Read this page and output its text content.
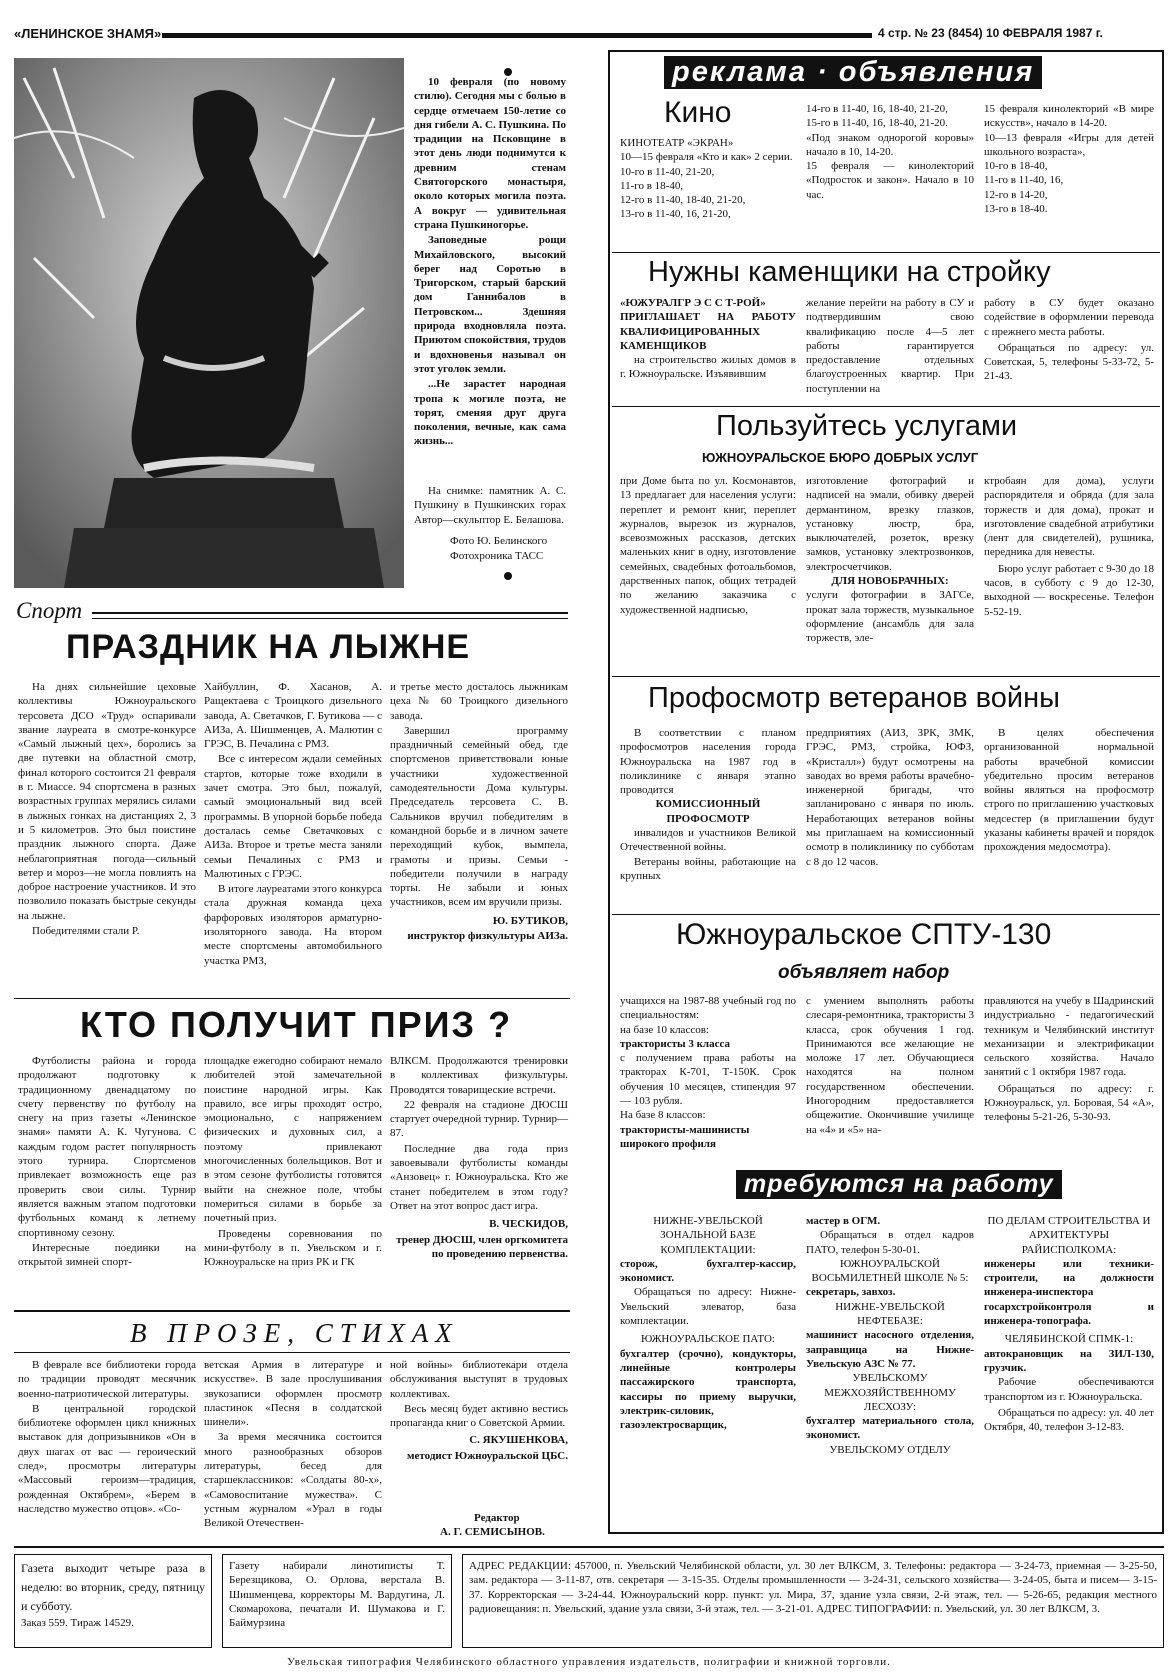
«ЛЕНИНСКОЕ ЗНАМЯ»	4 стр. № 23 (8454) 10 ФЕВРАЛЯ 1987 г.

10 февраля (по новому стилю). Сегодня мы с болью в сердце отмечаем 150-летие со дня гибели А. С. Пушкина. По традиции на Псковщине в этот день люди поднимутся к древним стенам Святогорского монастыря, около которых могила поэта. А вокруг — удивительная страна Пушкиногорье.

Заповедные рощи Михайловского, высокий берег над Соротью в Тригорском, старый барский дом Ганнибалов в Петровском... Здешняя природа входновляла поэта. Приютом спокойствия, трудов и вдохновенья называл он этот уголок земли.

...Не зарастет народная тропа к могиле поэта, не торят, сменяя друг друга поколения, вечные, как сама жизнь...

На снимке: памятник А. С. Пушкину в Пушкинских горах Автор—скульптор Е. Белашова.
Фото Ю. Белинского
Фотохроника ТАСС
Спорт
ПРАЗДНИК НА ЛЫЖНЕ

На днях сильнейшие цеховые коллективы Южноуральского терсовета ДСО «Труд» оспаривали звание лауреата в смотре-конкурсе «Самый лыжный цех», боролись за две путевки на областной смотр, финал которого состоится 21 февраля в г. Миассе. 94 спортсмена в разных возрастных группах мерялись силами в лыжных гонках на дистанциях 2, 3 и 5 километров. Это был поистине праздник лыжного спорта. Даже неблагоприятная погода—сильный ветер и мороз—не могла повлиять на доброе настроение участников. И это позволило показать быстрые секунды на лыжне.

Победителями стали Р.

Хайбуллин, Ф. Хасанов, А. Ращектаева с Троицкого дизельного завода, А. Светачков, Г. Бутикова — с АИЗа, А. Шишменцев, А. Малютин с ГРЭС, В. Печалина с РМЗ.

Все с интересом ждали семейных стартов, которые тоже входили в зачет смотра. Это был, пожалуй, самый эмоциональный вид всей программы. В упорной борьбе победа досталась семье Светачковых с АИЗа. Второе и третье места заняли семьи Печалиных с РМЗ и Малютиных с ГРЭС.

В итоге лауреатами этого конкурса стала дружная команда цеха фарфоровых изоляторов арматурно-изоляторного завода. На втором месте спортсмены автомобильного участка РМЗ,

и третье место досталось лыжникам цеха № 60 Троицкого дизельного завода.

Завершил программу праздничный семейный обед, где спортсменов приветствовали юные участники художественной самодеятельности Дома культуры. Председатель терсовета С. В. Сальников вручил победителям в командной борьбе и в личном зачете переходящий кубок, вымпела, грамоты и призы. Семьи - победители получили в награду торты. Не забыли и юных участников, всем им вручили призы.

Ю. БУТИКОВ,

инструктор физкультуры АИЗа.

КТО ПОЛУЧИТ ПРИЗ ?

Футболисты района и города продолжают подготовку к традиционному двенадцатому по счету первенству по футболу на снегу на приз газеты «Ленинское знамя» памяти А. К. Чугунова. С каждым годом растет популярность этого турнира. Спортсменов привлекает возможность еще раз проверить свои силы. Турнир является важным этапом подготовки футбольных команд к летнему спортивному сезону.

Интересные поединки на открытой зимней спорт-

площадке ежегодно собирают немало любителей этой замечательной поистине народной игры. Как правило, все игры проходят остро, эмоционально, с напряжением физических и духовных сил, а поэтому привлекают многочисленных болельщиков. Вот и в этом сезоне футболисты готовятся выйти на снежное поле, чтобы помериться силами в борьбе за почетный приз.

Проведены соревнования по мини-футболу в п. Увельском и г. Южноуральске на приз РК и ГК

ВЛКСМ. Продолжаются тренировки в коллективах физкультуры. Проводятся товарищеские встречи.

22 февраля на стадионе ДЮСШ стартует очередной турнир. Турнир—87.

Последние два года приз завоевывали футболисты команды «Анзовец» г. Южноуральска. Кто же станет победителем в этом году? Ответ на этот вопрос даст игра.

В. ЧЕСКИДОВ,

тренер ДЮСШ, член оргкомитета по проведению первенства.

В ПРОЗЕ, СТИХАХ

В феврале все библиотеки города по традиции проводят месячник военно-патриотической литературы.

В центральной городской библиотеке оформлен цикл книжных выставок для допризывников «Он в двух шагах от вас — героический след», просмотры литературы «Массовый героизм—традиция, рожденная Октябрем», «Берем в наследство мужество отцов». «Со-

ветская Армия в литературе и искусстве». В зале прослушивания звукозаписи оформлен просмотр пластинок «Песня в солдатской шинели».

За время месячника состоится много разнообразных обзоров литературы, бесед для старшеклассников: «Солдаты 80-х», «Самовоспитание мужества». С устным журналом «Урал в годы Великой Отечествен-

ной войны» библиотекари отдела обслуживания выступят в трудовых коллективах.

Весь месяц будет активно вестись пропаганда книг о Советской Армии.

С. ЯКУШЕНКОВА,

методист Южноуральской ЦБС.

Редактор
А. Г. СЕМИСЫНОВ.
реклама · объявления
Кино
КИНОТЕАТР «ЭКРАН»
10—15 февраля «Кто и как» 2 серии.
10-го в 11-40, 21-20,
11-го в 18-40,
12-го в 11-40, 18-40, 21-20,
13-го в 11-40, 16, 21-20,
14-го в 11-40, 16, 18-40, 21-20,
15-го в 11-40, 16, 18-40, 21-20.
«Под знаком однорогой коровы» начало в 10, 14-20.
15 февраля — кинолекторий «Подросток и закон». Начало в 10 час.
15 февраля кинолекторий «В мире искусств», начало в 14-20.
10—13 февраля «Игры для детей школьного возраста»,
10-го в 18-40,
11-го в 11-40, 16,
12-го в 14-20,
13-го в 18-40.
Нужны каменщики на стройку
«ЮЖУРАЛГР Э С С Т-РОЙ»
ПРИГЛАШАЕТ НА РАБОТУ КВАЛИФИЦИРОВАННЫХ КАМЕНЩИКОВ
на строительство жилых домов в г. Южноуральске. Изъявившим
желание перейти на работу в СУ и подтвердившим свою квалификацию после 4—5 лет работы гарантируется предоставление отдельных благоустроенных квартир. При поступлении на
работу в СУ будет оказано содействие в оформлении перевода с прежнего места работы.
Обращаться по адресу: ул. Советская, 5, телефоны 5-33-72, 5-21-43.
Пользуйтесь услугами
ЮЖНОУРАЛЬСКОЕ БЮРО ДОБРЫХ УСЛУГ
при Доме быта по ул. Космонавтов, 13 предлагает для населения услуги: переплет и ремонт книг, переплет журналов, вырезок из журналов, всевозможных рассказов, детских маленьких книг в одну, изготовление семейных, свадебных фотоальбомов, дарственных папок, общих тетрадей по желанию заказчика с художественной надписью,
изготовление фотографий и надписей на эмали, обивку дверей дермантином, врезку глазков, установку люстр, бра, выключателей, розеток, врезку замков, установку электрозвонков, электросчетчиков.
ДЛЯ НОВОБРАЧНЫХ:
услуги фотографии в ЗАГСе, прокат зала торжеств, музыкальное оформление (ансамбль для зала торжеств, эле-
ктробаян для дома), услуги распорядителя и обряда (для зала торжеств и для дома), прокат и изготовление свадебной атрибутики (лент для свидетелей), рушника, передника для невесты.
Бюро услуг работает с 9-30 до 18 часов, в субботу с 9 до 12-30, выходной — воскресенье. Телефон 5-52-19.
Профосмотр ветеранов войны
В соответствии с планом профосмотров населения города Южноуральска на 1987 год в поликлинике с января этапно проводится
КОМИССИОННЫЙ ПРОФОСМОТР
инвалидов и участников Великой Отечественной войны.
Ветераны войны, работающие на крупных
предприятиях (АИЗ, ЗРК, ЗМК, ГРЭС, РМЗ, стройка, ЮФЗ, «Кристалл») будут осмотрены на заводах во время работы врачебно-инженерной бригады, что запланировано с января по июль. Неработающих ветеранов войны мы приглашаем на комиссионный осмотр в поликлинику по субботам с 8 до 12 часов.
В целях обеспечения организованной нормальной работы врачебной комиссии убедительно просим ветеранов войны являться на профосмотр строго по приглашению участковых медсестер (в приглашении будут указаны кабинеты врачей и порядок прохождения медосмотра).
Южноуральское СПТУ-130
объявляет набор
учащихся на 1987-88 учебный год по специальностям:
на базе 10 классов:
трактористы 3 класса
с получением права работы на тракторах К-701, Т-150К. Срок обучения 10 месяцев, стипендия 97— 103 рубля.
На базе 8 классов:
трактористы-машинисты широкого профиля
с умением выполнять работы слесаря-ремонтника, трактористы 3 класса, срок обучения 1 год. Принимаются все желающие не моложе 17 лет. Обучающиеся находятся на полном государственном обеспечении. Иногородним предоставляется общежитие. Окончившие училище на «4» и «5» на-
правляются на учебу в Шадринский индустриально - педагогический техникум и Челябинский институт механизации и электрификации сельского хозяйства. Начало занятий с 1 октября 1987 года.
Обращаться по адресу: г. Южноуральск, ул. Боровая, 54 «А», телефоны 5-21-26, 5-30-93.
требуются на работу
НИЖНЕ-УВЕЛЬСКОЙ ЗОНАЛЬНОЙ БАЗЕ КОМПЛЕКТАЦИИ:
сторож, бухгалтер-кассир, экономист.
Обращаться по адресу: Нижне-Увельский элеватор, база комплектации.
ЮЖНОУРАЛЬСКОЕ ПАТО:
бухгалтер (срочно), кондукторы, линейные контролеры пассажирского транспорта, кассиры по приему выручки, электрик-силовик, газоэлектросварщик,
мастер в ОГМ.
Обращаться в отдел кадров ПАТО, телефон 5-30-01.
ЮЖНОУРАЛЬСКОЙ ВОСЬМИЛЕТНЕЙ ШКОЛЕ № 5:
секретарь, завхоз.
НИЖНЕ-УВЕЛЬСКОЙ НЕФТЕБАЗЕ:
машинист насосного отделения, заправщица на Нижне-Увельскую АЗС № 77.
УВЕЛЬСКОМУ МЕЖХОЗЯЙСТВЕННОМУ ЛЕСХОЗУ:
бухгалтер материального стола, экономист.
УВЕЛЬСКОМУ ОТДЕЛУ
ПО ДЕЛАМ СТРОИТЕЛЬСТВА И АРХИТЕКТУРЫ РАЙИСПОЛКОМА:
инженеры или техники-строители, на должности инженера-инспектора госархстройконтроля и инженера-топографа.
ЧЕЛЯБИНСКОЙ СПМК-1:
автокрановщик на ЗИЛ-130, грузчик.
Рабочие обеспечиваются транспортом из г. Южноуральска.
Обращаться по адресу: ул. 40 лет Октября, 40, телефон 3-12-83.
Газета выходит четыре раза в неделю: во вторник, среду, пятницу и субботу.
Заказ 559. Тираж 14529.
Газету набирали линотиписты Т. Березщикова, О. Орлова, верстала В. Шишменцева, корректоры М. Вардугина, Л. Скомарохова, печатали И. Шумакова и Г. Баймурзина
АДРЕС РЕДАКЦИИ: 457000, п. Увельский Челябинской области, ул. 30 лет ВЛКСМ, 3. Телефоны: редактора — 3-24-73, приемная — 3-25-50, зам. редактора — 3-11-87, отв. секретаря — 3-15-35. Отделы промышленности — 3-24-31, сельского хозяйства— 3-24-05, быта и писем— 3-15-37. Корректорская — 3-24-44. Южноуральский корр. пункт: ул. Мира, 37, здание узла связи, 2-й этаж, тел. — 5-26-65, редакция местного радиовещания: п. Увельский, здание узла связи, 3-й этаж, тел. — 3-21-01. АДРЕС ТИПОГРАФИИ: п. Увельский, ул. 30 лет ВЛКСМ, 3.
Увельская типография Челябинского областного управления издательств, полиграфии и книжной торговли.
